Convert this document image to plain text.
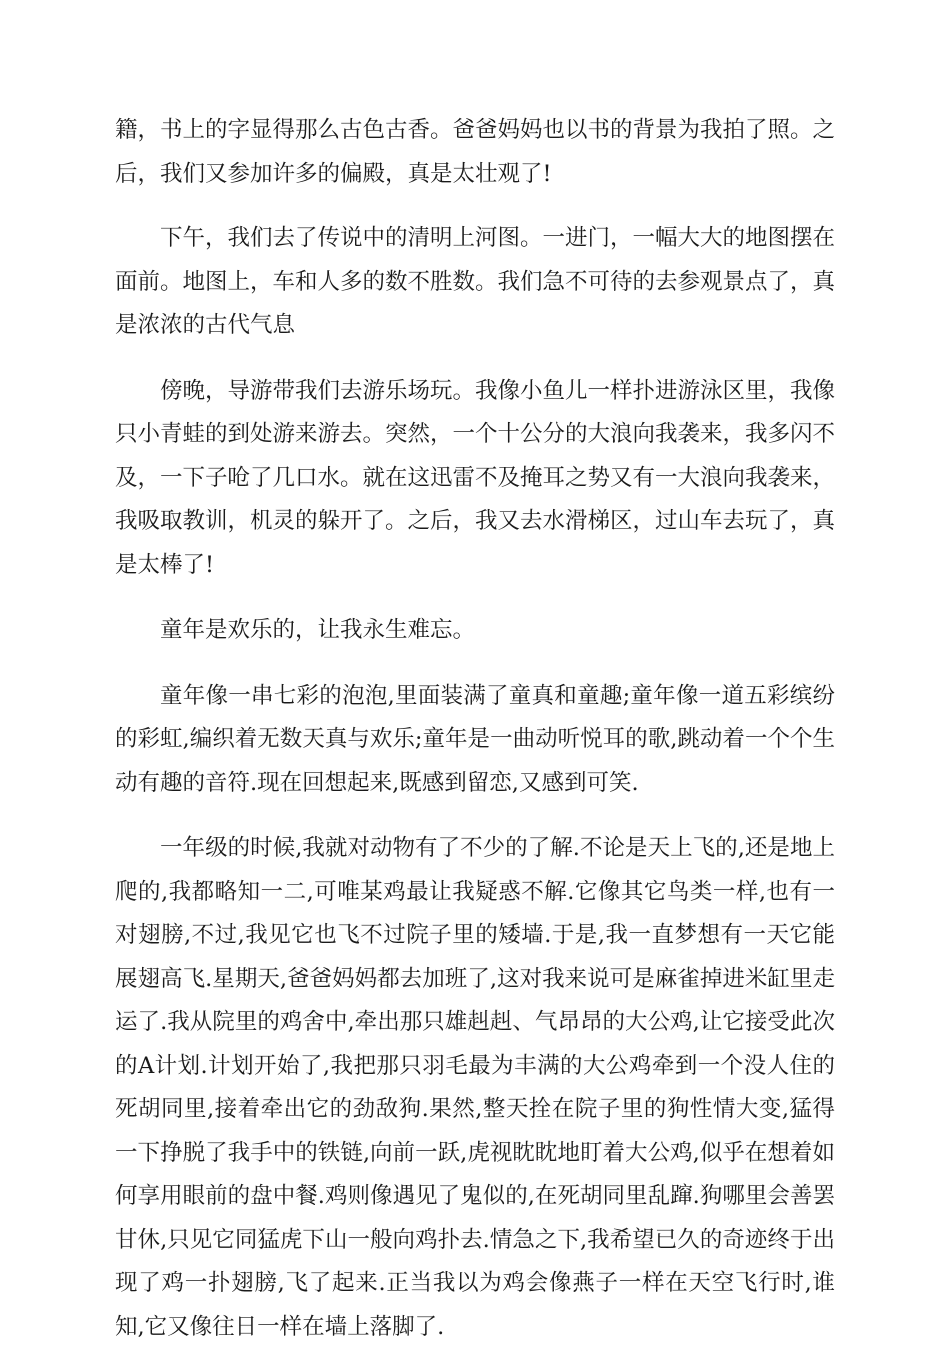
籍，书上的字显得那么古色古香。爸爸妈妈也以书的背景为我拍了照。之后，我们又参加许多的偏殿，真是太壮观了!

下午，我们去了传说中的清明上河图。一进门，一幅大大的地图摆在面前。地图上，车和人多的数不胜数。我们急不可待的去参观景点了，真是浓浓的古代气息

傍晚，导游带我们去游乐场玩。我像小鱼儿一样扑进游泳区里，我像只小青蛙的到处游来游去。突然，一个十公分的大浪向我袭来，我多闪不及，一下子呛了几口水。就在这迅雷不及掩耳之势又有一大浪向我袭来，我吸取教训，机灵的躲开了。之后，我又去水滑梯区，过山车去玩了，真是太棒了!

童年是欢乐的，让我永生难忘。

童年像一串七彩的泡泡,里面装满了童真和童趣;童年像一道五彩缤纷的彩虹,编织着无数天真与欢乐;童年是一曲动听悦耳的歌,跳动着一个个生动有趣的音符.现在回想起来,既感到留恋,又感到可笑.

一年级的时候,我就对动物有了不少的了解.不论是天上飞的,还是地上爬的,我都略知一二,可唯某鸡最让我疑惑不解.它像其它鸟类一样,也有一对翅膀,不过,我见它也飞不过院子里的矮墙.于是,我一直梦想有一天它能展翅高飞.星期天,爸爸妈妈都去加班了,这对我来说可是麻雀掉进米缸里走运了.我从院里的鸡舍中,牵出那只雄赳赳、气昂昂的大公鸡,让它接受此次的A计划.计划开始了,我把那只羽毛最为丰满的大公鸡牵到一个没人住的死胡同里,接着牵出它的劲敌狗.果然,整天拴在院子里的狗性情大变,猛得一下挣脱了我手中的铁链,向前一跃,虎视眈眈地盯着大公鸡,似乎在想着如何享用眼前的盘中餐.鸡则像遇见了鬼似的,在死胡同里乱蹿.狗哪里会善罢甘休,只见它同猛虎下山一般向鸡扑去.情急之下,我希望已久的奇迹终于出现了鸡一扑翅膀,飞了起来.正当我以为鸡会像燕子一样在天空飞行时,谁知,它又像往日一样在墙上落脚了.
